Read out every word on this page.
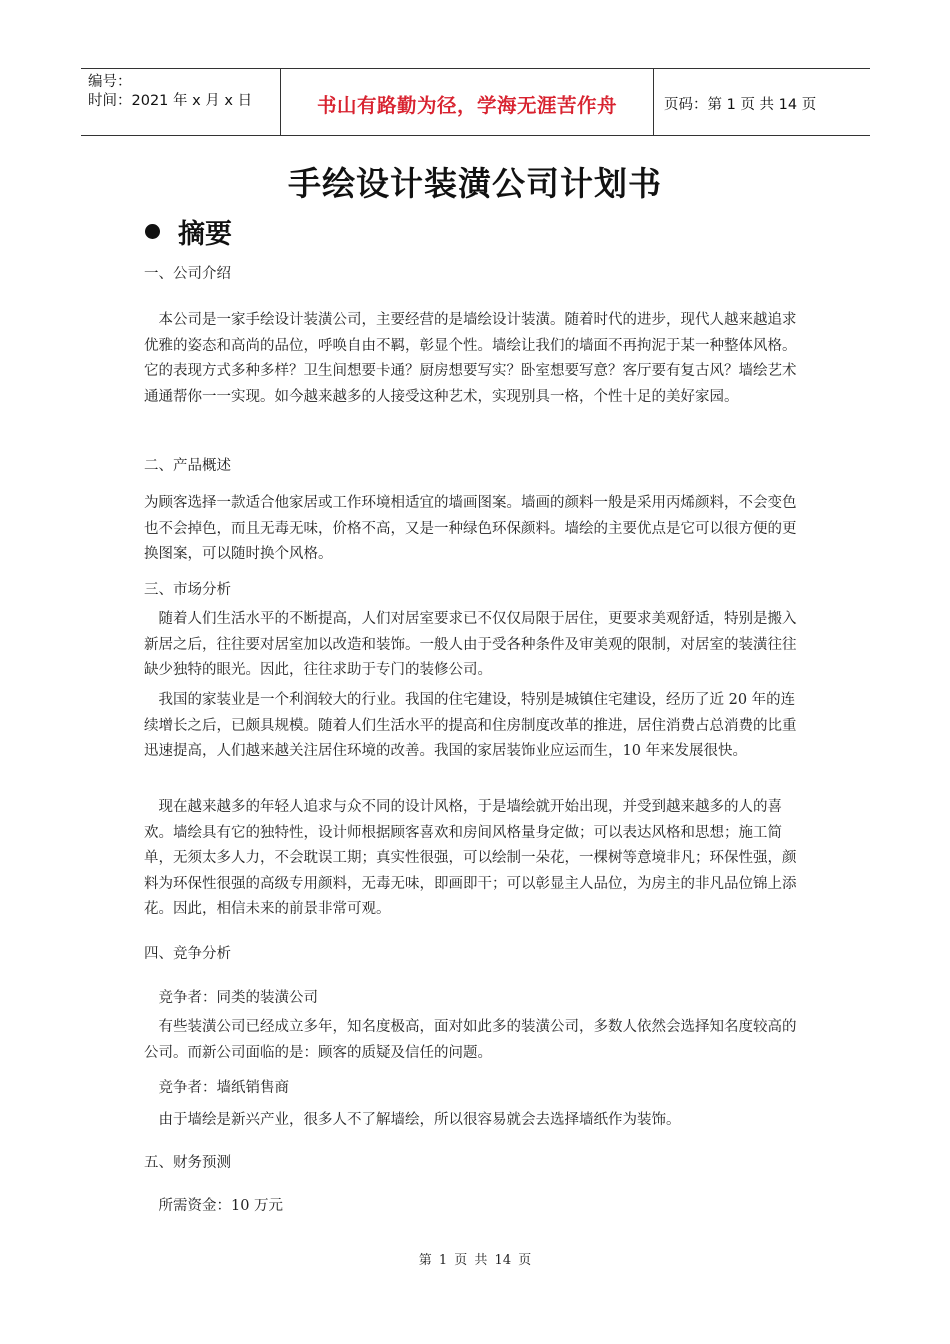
编号：
时间：2021 年 x 月 x 日	书山有路勤为径，学海无涯苦作舟	页码：第 1 页 共 14 页
手绘设计装潢公司计划书
摘要
一、公司介绍
　本公司是一家手绘设计装潢公司，主要经营的是墙绘设计装潢。随着时代的进步，现代人越来越追求优雅的姿态和高尚的品位，呼唤自由不羁，彰显个性。墙绘让我们的墙面不再拘泥于某一种整体风格。它的表现方式多种多样？卫生间想要卡通？厨房想要写实？卧室想要写意？客厅要有复古风？墙绘艺术通通帮你一一实现。如今越来越多的人接受这种艺术，实现别具一格，个性十足的美好家园。
二、产品概述
为顾客选择一款适合他家居或工作环境相适宜的墙画图案。墙画的颜料一般是采用丙烯颜料，不会变色也不会掉色，而且无毒无味，价格不高，又是一种绿色环保颜料。墙绘的主要优点是它可以很方便的更换图案，可以随时换个风格。
三、市场分析
　随着人们生活水平的不断提高，人们对居室要求已不仅仅局限于居住，更要求美观舒适，特别是搬入新居之后，往往要对居室加以改造和装饰。一般人由于受各种条件及审美观的限制，对居室的装潢往往缺少独特的眼光。因此，往往求助于专门的装修公司。
　我国的家装业是一个利润较大的行业。我国的住宅建设，特别是城镇住宅建设，经历了近 20 年的连续增长之后，已颇具规模。随着人们生活水平的提高和住房制度改革的推进，居住消费占总消费的比重迅速提高，人们越来越关注居住环境的改善。我国的家居装饰业应运而生，10 年来发展很快。
　现在越来越多的年轻人追求与众不同的设计风格，于是墙绘就开始出现，并受到越来越多的人的喜欢。墙绘具有它的独特性，设计师根据顾客喜欢和房间风格量身定做；可以表达风格和思想；施工简单，无须太多人力，不会耽误工期；真实性很强，可以绘制一朵花，一棵树等意境非凡；环保性强，颜料为环保性很强的高级专用颜料，无毒无味，即画即干；可以彰显主人品位，为房主的非凡品位锦上添花。因此，相信未来的前景非常可观。
四、竞争分析
　竞争者：同类的装潢公司
　有些装潢公司已经成立多年，知名度极高，面对如此多的装潢公司，多数人依然会选择知名度较高的公司。而新公司面临的是：顾客的质疑及信任的问题。
　竞争者：墙纸销售商
　由于墙绘是新兴产业，很多人不了解墙绘，所以很容易就会去选择墙纸作为装饰。
五、财务预测
　所需资金：10 万元
第 1 页 共 14 页
